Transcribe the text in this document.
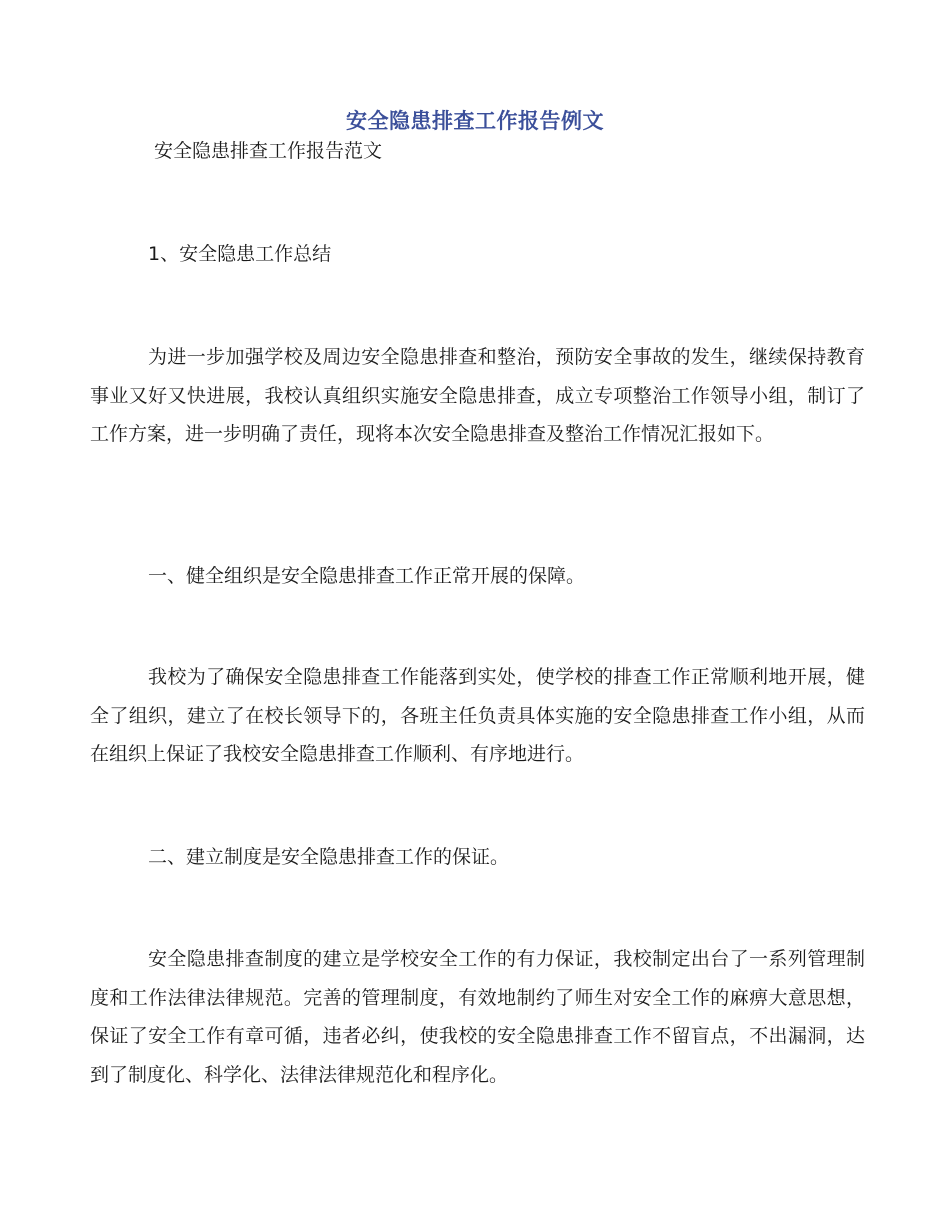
安全隐患排查工作报告例文

安全隐患排查工作报告范文

1、安全隐患工作总结

为进一步加强学校及周边安全隐患排查和整治，预防安全事故的发生，继续保持教育事业又好又快进展，我校认真组织实施安全隐患排查，成立专项整治工作领导小组，制订了工作方案，进一步明确了责任，现将本次安全隐患排查及整治工作情况汇报如下。

一、健全组织是安全隐患排查工作正常开展的保障。

我校为了确保安全隐患排查工作能落到实处，使学校的排查工作正常顺利地开展，健全了组织，建立了在校长领导下的，各班主任负责具体实施的安全隐患排查工作小组，从而在组织上保证了我校安全隐患排查工作顺利、有序地进行。

二、建立制度是安全隐患排查工作的保证。

安全隐患排查制度的建立是学校安全工作的有力保证，我校制定出台了一系列管理制度和工作法律法律规范。完善的管理制度，有效地制约了师生对安全工作的麻痹大意思想，保证了安全工作有章可循，违者必纠，使我校的安全隐患排查工作不留盲点，不出漏洞，达到了制度化、科学化、法律法律规范化和程序化。
